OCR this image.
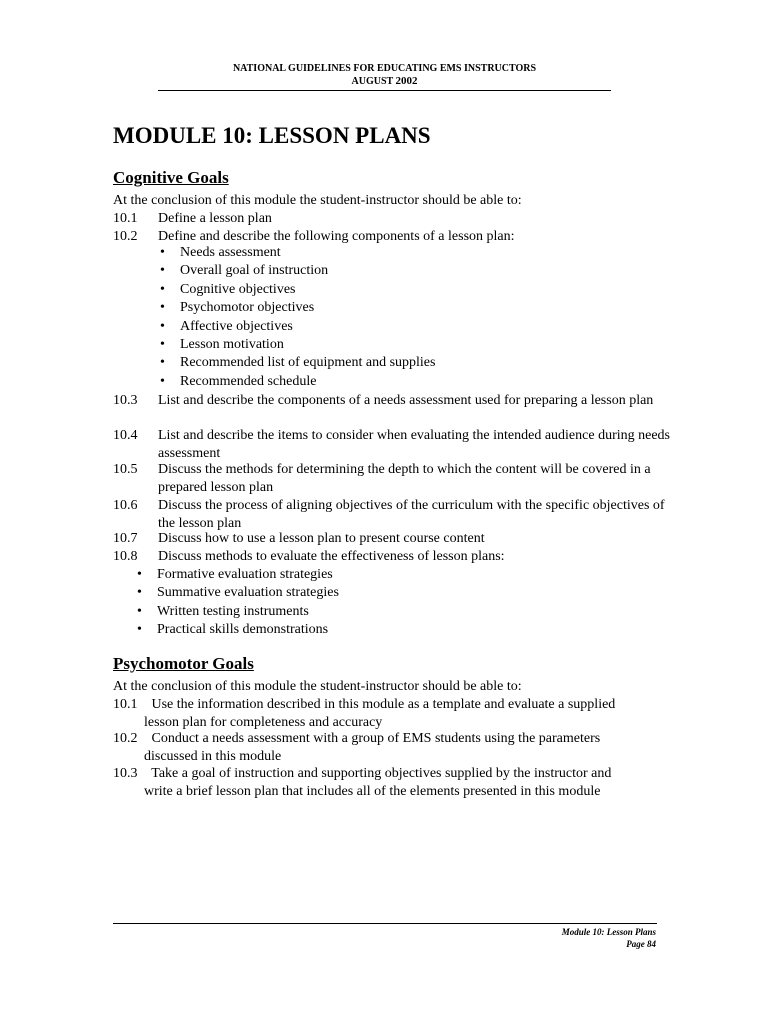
NATIONAL GUIDELINES FOR EDUCATING EMS INSTRUCTORS
AUGUST 2002
MODULE 10: LESSON PLANS
Cognitive Goals

At the conclusion of this module the student-instructor should be able to:

10.1 Define a lesson plan
10.2 Define and describe the following components of a lesson plan:
• Needs assessment
• Overall goal of instruction
• Cognitive objectives
• Psychomotor objectives
• Affective objectives
• Lesson motivation
• Recommended list of equipment and supplies
• Recommended schedule
10.3 List and describe the components of a needs assessment used for preparing a lesson plan
10.4 List and describe the items to consider when evaluating the intended audience during needs assessment
10.5 Discuss the methods for determining the depth to which the content will be covered in a prepared lesson plan
10.6 Discuss the process of aligning objectives of the curriculum with the specific objectives of the lesson plan
10.7 Discuss how to use a lesson plan to present course content
10.8 Discuss methods to evaluate the effectiveness of lesson plans:
• Formative evaluation strategies
• Summative evaluation strategies
• Written testing instruments
• Practical skills demonstrations
Psychomotor Goals

At the conclusion of this module the student-instructor should be able to:

10.1 Use the information described in this module as a template and evaluate a supplied
lesson plan for completeness and accuracy
10.2 Conduct a needs assessment with a group of EMS students using the parameters
discussed in this module
10.3 Take a goal of instruction and supporting objectives supplied by the instructor and
write a brief lesson plan that includes all of the elements presented in this module
Module 10: Lesson Plans
Page 84
